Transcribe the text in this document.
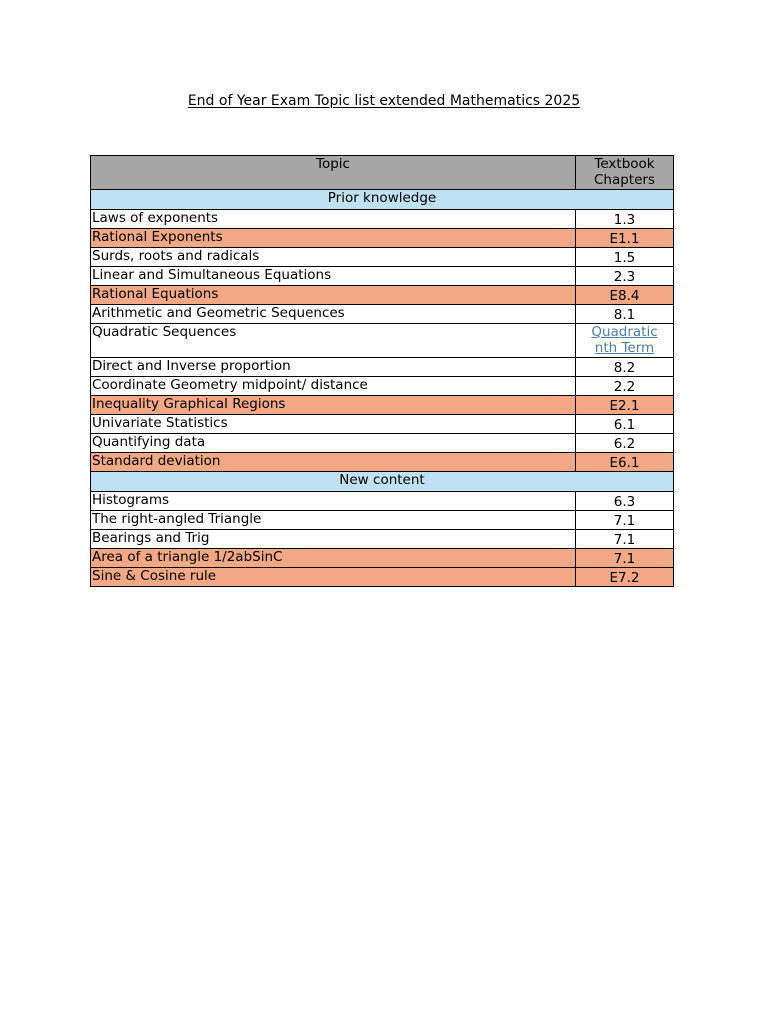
End of Year Exam Topic list extended Mathematics 2025
Topic	Textbook
Chapters
Prior knowledge	
Laws of exponents	1.3
Rational Exponents	E1.1
Surds, roots and radicals	1.5
Linear and Simultaneous Equations	2.3
Rational Equations	E8.4
Arithmetic and Geometric Sequences	8.1
Quadratic Sequences	Quadratic
nth Term
Direct and Inverse proportion	8.2
Coordinate Geometry midpoint/ distance	2.2
Inequality Graphical Regions	E2.1
Univariate Statistics	6.1
Quantifying data	6.2
Standard deviation	E6.1
New content	
Histograms	6.3
The right-angled Triangle	7.1
Bearings and Trig	7.1
Area of a triangle 1/2abSinC	7.1
Sine & Cosine rule	E7.2
